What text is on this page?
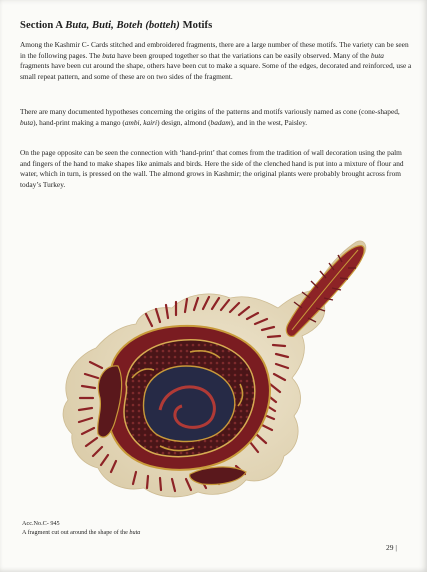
Section A Buta, Buti, Boteh (botteh) Motifs

Among the Kashmir C- Cards stitched and embroidered fragments, there are a large number of these motifs. The variety can be seen in the following pages. The buta have been grouped together so that the variations can be easily observed. Many of the buta fragments have been cut around the shape, others have been cut to make a square. Some of the edges, decorated and reinforced, use a small repeat pattern, and some of these are on two sides of the fragment.

There are many documented hypotheses concerning the origins of the patterns and motifs variously named as cone (cone-shaped, buta), hand-print making a mango (ambi, kairi) design, almond (badam), and in the west, Paisley.

On the page opposite can be seen the connection with ‘hand-print’ that comes from the tradition of wall decoration using the palm and fingers of the hand to make shapes like animals and birds. Here the side of the clenched hand is put into a mixture of flour and water, which in turn, is pressed on the wall. The almond grows in Kashmir; the original plants were probably brought across from today’s Turkey.

Acc.No.C- 945
A fragment cut out around the shape of the buta
29 |
